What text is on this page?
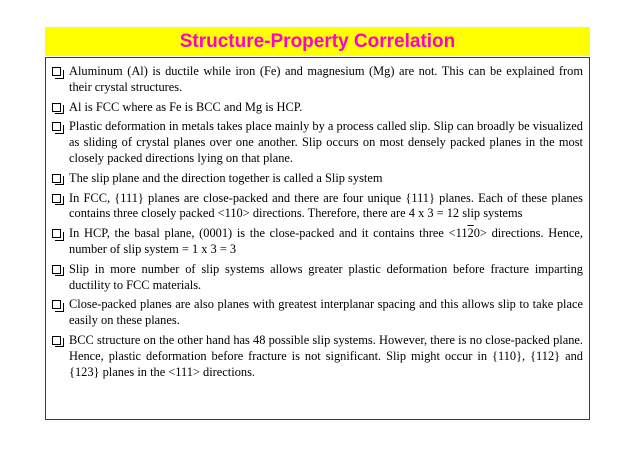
Structure-Property Correlation
Aluminum (Al) is ductile while iron (Fe) and magnesium (Mg) are not. This can be explained from their crystal structures.
Al is FCC where as Fe is BCC and Mg is HCP.
Plastic deformation in metals takes place mainly by a process called slip. Slip can broadly be visualized as sliding of crystal planes over one another. Slip occurs on most densely packed planes in the most closely packed directions lying on that plane.
The slip plane and the direction together is called a Slip system
In FCC, {111} planes are close-packed and there are four unique {111} planes. Each of these planes contains three closely packed <110> directions. Therefore, there are 4 x 3 = 12 slip systems
In HCP, the basal plane, (0001) is the close-packed and it contains three <1120> directions. Hence, number of slip system = 1 x 3 = 3
Slip in more number of slip systems allows greater plastic deformation before fracture imparting ductility to FCC materials.
Close-packed planes are also planes with greatest interplanar spacing and this allows slip to take place easily on these planes.
BCC structure on the other hand has 48 possible slip systems. However, there is no close-packed plane. Hence, plastic deformation before fracture is not significant. Slip might occur in {110}, {112} and {123} planes in the <111> directions.
